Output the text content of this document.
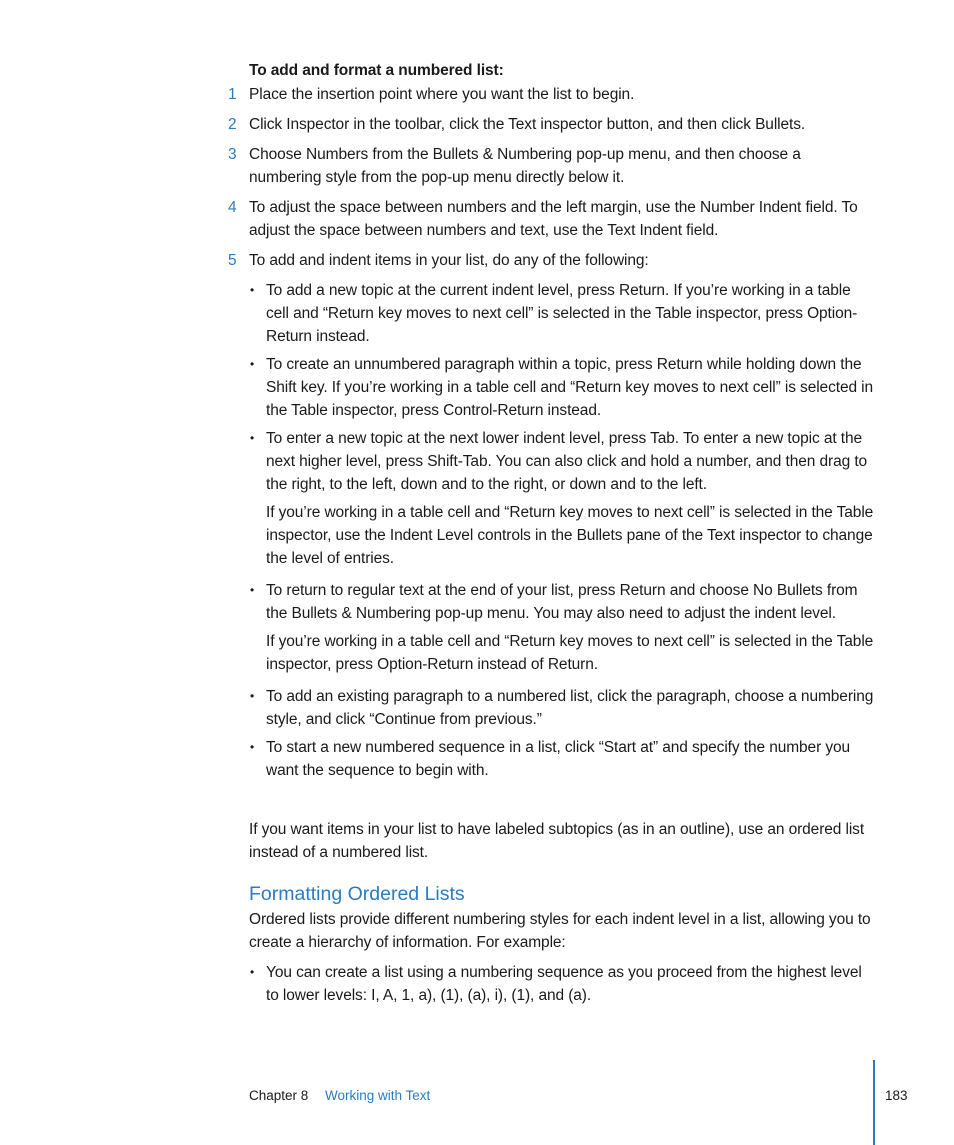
To add and format a numbered list:
1 Place the insertion point where you want the list to begin.
2 Click Inspector in the toolbar, click the Text inspector button, and then click Bullets.
3 Choose Numbers from the Bullets & Numbering pop-up menu, and then choose a numbering style from the pop-up menu directly below it.
4 To adjust the space between numbers and the left margin, use the Number Indent field. To adjust the space between numbers and text, use the Text Indent field.
5 To add and indent items in your list, do any of the following:
• To add a new topic at the current indent level, press Return. If you’re working in a table cell and “Return key moves to next cell” is selected in the Table inspector, press Option-Return instead.
• To create an unnumbered paragraph within a topic, press Return while holding down the Shift key. If you’re working in a table cell and “Return key moves to next cell” is selected in the Table inspector, press Control-Return instead.
• To enter a new topic at the next lower indent level, press Tab. To enter a new topic at the next higher level, press Shift-Tab. You can also click and hold a number, and then drag to the right, to the left, down and to the right, or down and to the left.
If you’re working in a table cell and “Return key moves to next cell” is selected in the Table inspector, use the Indent Level controls in the Bullets pane of the Text inspector to change the level of entries.
• To return to regular text at the end of your list, press Return and choose No Bullets from the Bullets & Numbering pop-up menu. You may also need to adjust the indent level.
If you’re working in a table cell and “Return key moves to next cell” is selected in the Table inspector, press Option-Return instead of Return.
• To add an existing paragraph to a numbered list, click the paragraph, choose a numbering style, and click “Continue from previous.”
• To start a new numbered sequence in a list, click “Start at” and specify the number you want the sequence to begin with.
If you want items in your list to have labeled subtopics (as in an outline), use an ordered list instead of a numbered list.
Formatting Ordered Lists
Ordered lists provide different numbering styles for each indent level in a list, allowing you to create a hierarchy of information. For example:
• You can create a list using a numbering sequence as you proceed from the highest level to lower levels: I, A, 1, a), (1), (a), i), (1), and (a).
Chapter 8 Working with Text	183
